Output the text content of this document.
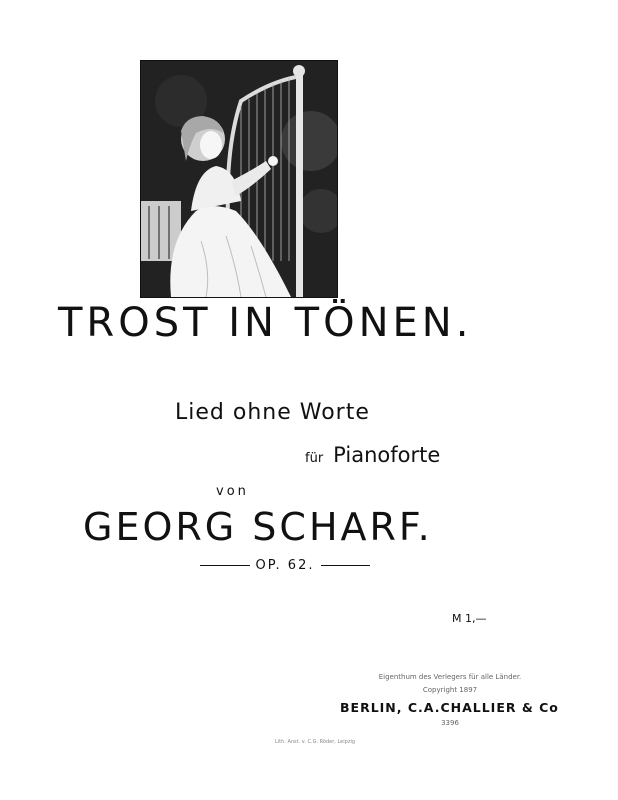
TROST IN TÖNEN.
Lied ohne Worte
für Pianoforte
von
GEORG SCHARF.
OP. 62.
M 1,—
Eigenthum des Verlegers für alle Länder.
Copyright 1897
BERLIN, C.A.CHALLIER & Co
3396
Lith. Anst. v. C.G. Röder, Leipzig
